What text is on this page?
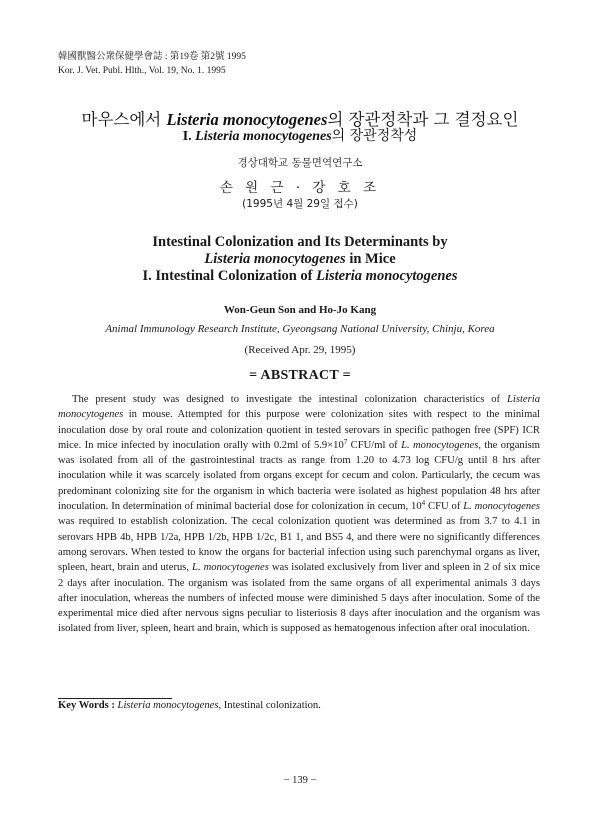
韓國獸醫公衆保健學會誌 : 第19卷 第2號 1995
Kor. J. Vet. Publ. Hlth., Vol. 19, No. 1. 1995
마우스에서 Listeria monocytogenes의 장관정착과 그 결정요인
I. Listeria monocytogenes의 장관정착성
경상대학교 동물면역연구소
손 원 근 · 강 호 조
(1995년 4월 29일 접수)
Intestinal Colonization and Its Determinants by
Listeria monocytogenes in Mice
I. Intestinal Colonization of Listeria monocytogenes
Won-Geun Son and Ho-Jo Kang
Animal Immunology Research Institute, Gyeongsang National University, Chinju, Korea
(Received Apr. 29, 1995)
= ABSTRACT =
The present study was designed to investigate the intestinal colonization characteristics of Listeria monocytogenes in mouse. Attempted for this purpose were colonization sites with respect to the minimal inoculation dose by oral route and colonization quotient in tested serovars in specific pathogen free (SPF) ICR mice. In mice infected by inoculation orally with 0.2ml of $5.9\times 10^7$ CFU/ml of L. monocytogenes, the organism was isolated from all of the gastrointestinal tracts as range from 1.20 to 4.73 log CFU/g until 8 hrs after inoculation while it was scarcely isolated from organs except for cecum and colon. Particularly, the cecum was predominant colonizing site for the organism in which bacteria were isolated as highest population 48 hrs after inoculation. In determination of minimal bacterial dose for colonization in cecum, $10^4$ CFU of L. monocytogenes was required to establish colonization. The cecal colonization quotient was determined as from 3.7 to 4.1 in serovars HPB 4b, HPB 1/2a, HPB 1/2b, HPB 1/2c, B1 1, and BS5 4, and there were no significantly differences among serovars. When tested to know the organs for bacterial infection using such parenchymal organs as liver, spleen, heart, brain and uterus, L. monocytogenes was isolated exclusively from liver and spleen in 2 of six mice 2 days after inoculation. The organism was isolated from the same organs of all experimental animals 3 days after inoculation, whereas the numbers of infected mouse were diminished 5 days after inoculation. Some of the experimental mice died after nervous signs peculiar to listeriosis 8 days after inoculation and the organism was isolated from liver, spleen, heart and brain, which is supposed as hematogenous infection after oral inoculation.
Key Words : Listeria monocytogenes, Intestinal colonization.
− 139 −
